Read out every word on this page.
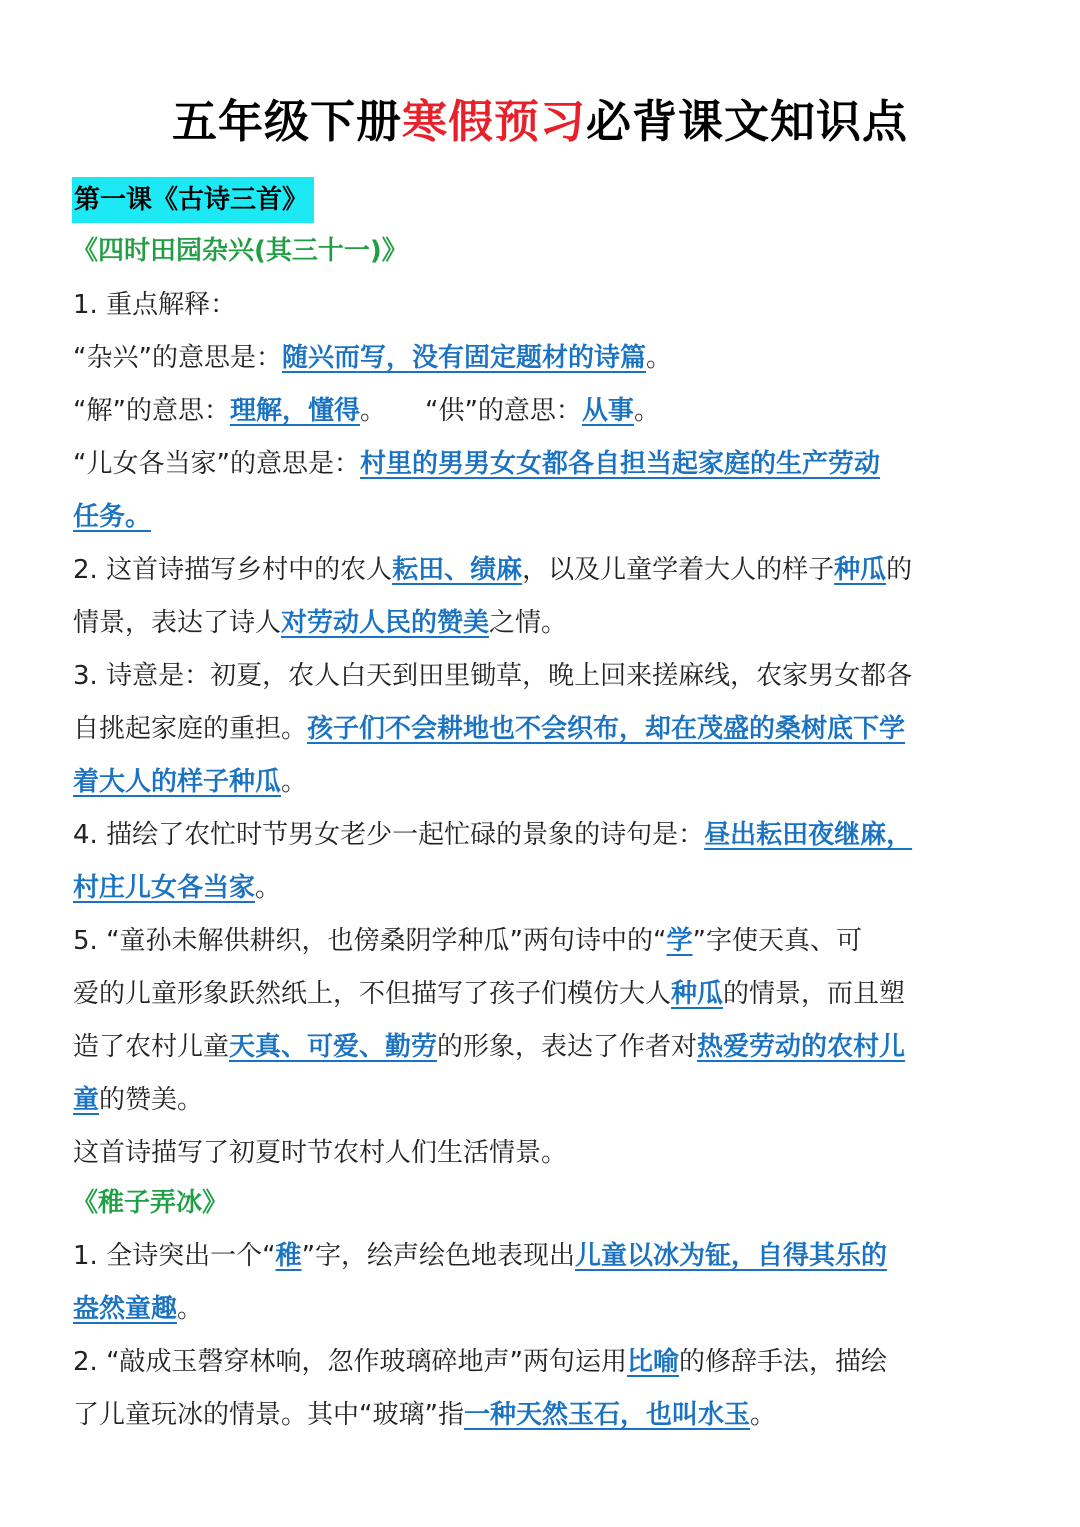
五年级下册寒假预习必背课文知识点
第一课《古诗三首》
《四时田园杂兴(其三十一)》
1. 重点解释：
“杂兴”的意思是：随兴而写，没有固定题材的诗篇。
“解”的意思：理解，懂得。　　“供”的意思：从事。
“儿女各当家”的意思是：村里的男男女女都各自担当起家庭的生产劳动
任务。
2. 这首诗描写乡村中的农人耘田、绩麻，以及儿童学着大人的样子种瓜的
情景，表达了诗人对劳动人民的赞美之情。
3. 诗意是：初夏，农人白天到田里锄草，晚上回来搓麻线，农家男女都各
自挑起家庭的重担。孩子们不会耕地也不会织布，却在茂盛的桑树底下学
着大人的样子种瓜。
4. 描绘了农忙时节男女老少一起忙碌的景象的诗句是：昼出耘田夜继麻，
村庄儿女各当家。
5. “童孙未解供耕织，也傍桑阴学种瓜”两句诗中的“学”字使天真、可
爱的儿童形象跃然纸上，不但描写了孩子们模仿大人种瓜的情景，而且塑
造了农村儿童天真、可爱、勤劳的形象，表达了作者对热爱劳动的农村儿
童的赞美。
这首诗描写了初夏时节农村人们生活情景。
《稚子弄冰》
1. 全诗突出一个“稚”字，绘声绘色地表现出儿童以冰为钲，自得其乐的
盎然童趣。
2. “敲成玉磬穿林响，忽作玻璃碎地声”两句运用比喻的修辞手法，描绘
了儿童玩冰的情景。其中“玻璃”指一种天然玉石，也叫水玉。
